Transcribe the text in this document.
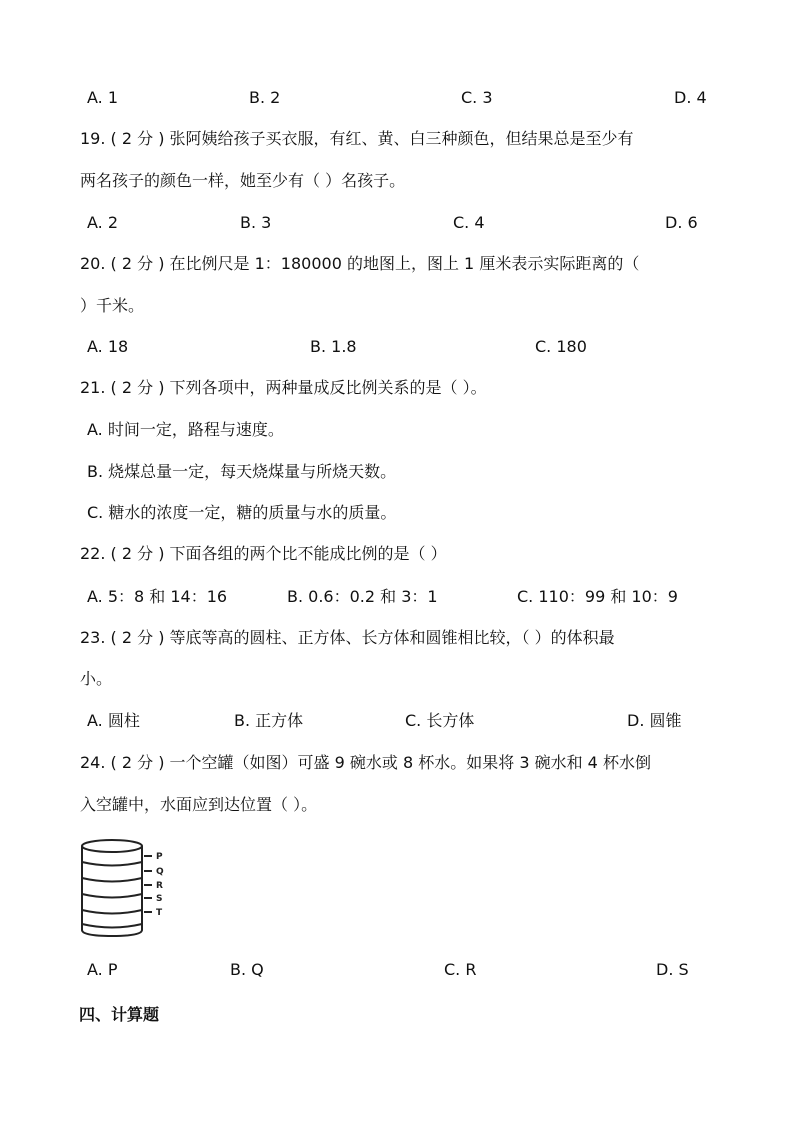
A. 1	B. 2	C. 3	D. 4
19. ( 2 分 ) 张阿姨给孩子买衣服，有红、黄、白三种颜色，但结果总是至少有
两名孩子的颜色一样，她至少有（ ）名孩子。
A. 2	B. 3	C. 4	D. 6
20. ( 2 分 ) 在比例尺是 1：180000 的地图上，图上 1 厘米表示实际距离的（
）千米。
A. 18	B. 1.8	C. 180
21. ( 2 分 ) 下列各项中，两种量成反比例关系的是（ ）。
A. 时间一定，路程与速度。
B. 烧煤总量一定，每天烧煤量与所烧天数。
C. 糖水的浓度一定，糖的质量与水的质量。
22. ( 2 分 ) 下面各组的两个比不能成比例的是（ ）
A. 5：8 和 14：16	B. 0.6：0.2 和 3：1	C. 110：99 和 10：9
23. ( 2 分 ) 等底等高的圆柱、正方体、长方体和圆锥相比较，（ ）的体积最
小。
A. 圆柱	B. 正方体	C. 长方体	D. 圆锥
24. ( 2 分 ) 一个空罐（如图）可盛 9 碗水或 8 杯水。如果将 3 碗水和 4 杯水倒
入空罐中，水面应到达位置（ ）。
P
Q
R
S
T
A. P	B. Q	C. R	D. S
四、计算题
